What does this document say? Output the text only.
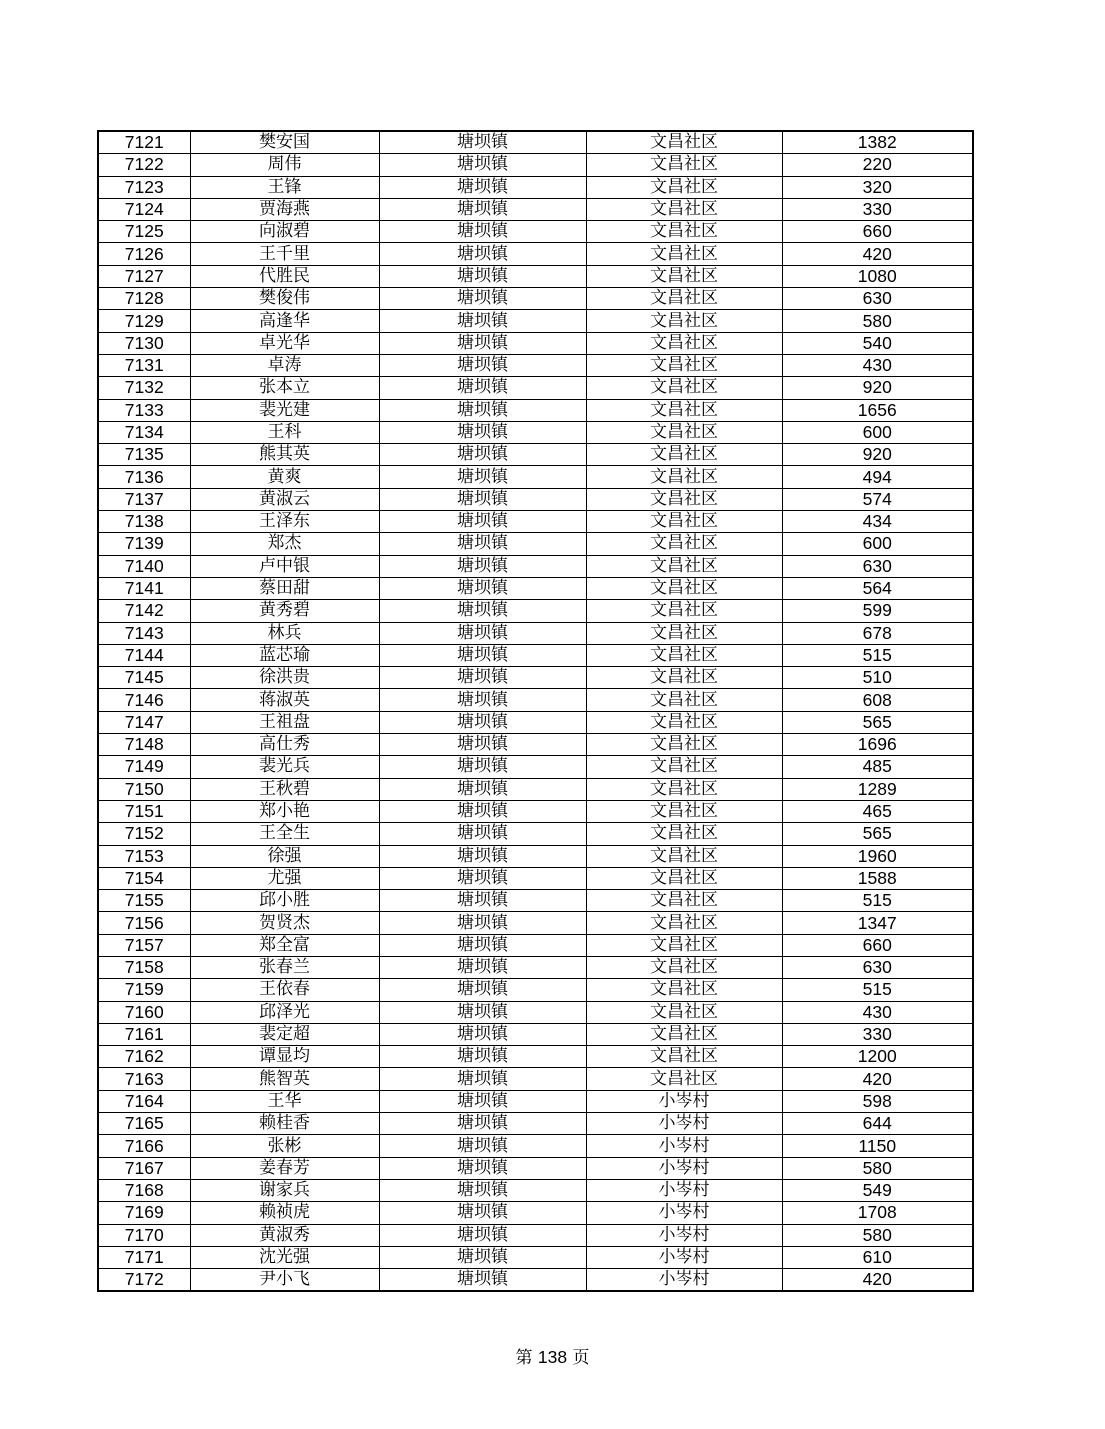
7121	樊安国	塘坝镇	文昌社区	1382
7122	周伟	塘坝镇	文昌社区	220
7123	王锋	塘坝镇	文昌社区	320
7124	贾海燕	塘坝镇	文昌社区	330
7125	向淑碧	塘坝镇	文昌社区	660
7126	王千里	塘坝镇	文昌社区	420
7127	代胜民	塘坝镇	文昌社区	1080
7128	樊俊伟	塘坝镇	文昌社区	630
7129	高逢华	塘坝镇	文昌社区	580
7130	卓光华	塘坝镇	文昌社区	540
7131	卓涛	塘坝镇	文昌社区	430
7132	张本立	塘坝镇	文昌社区	920
7133	裴光建	塘坝镇	文昌社区	1656
7134	王科	塘坝镇	文昌社区	600
7135	熊其英	塘坝镇	文昌社区	920
7136	黄爽	塘坝镇	文昌社区	494
7137	黄淑云	塘坝镇	文昌社区	574
7138	王泽东	塘坝镇	文昌社区	434
7139	郑杰	塘坝镇	文昌社区	600
7140	卢中银	塘坝镇	文昌社区	630
7141	蔡田甜	塘坝镇	文昌社区	564
7142	黄秀碧	塘坝镇	文昌社区	599
7143	林兵	塘坝镇	文昌社区	678
7144	蓝芯瑜	塘坝镇	文昌社区	515
7145	徐洪贵	塘坝镇	文昌社区	510
7146	蒋淑英	塘坝镇	文昌社区	608
7147	王祖盘	塘坝镇	文昌社区	565
7148	高仕秀	塘坝镇	文昌社区	1696
7149	裴光兵	塘坝镇	文昌社区	485
7150	王秋碧	塘坝镇	文昌社区	1289
7151	郑小艳	塘坝镇	文昌社区	465
7152	王全生	塘坝镇	文昌社区	565
7153	徐强	塘坝镇	文昌社区	1960
7154	尤强	塘坝镇	文昌社区	1588
7155	邱小胜	塘坝镇	文昌社区	515
7156	贺贤杰	塘坝镇	文昌社区	1347
7157	郑全富	塘坝镇	文昌社区	660
7158	张春兰	塘坝镇	文昌社区	630
7159	王依春	塘坝镇	文昌社区	515
7160	邱泽光	塘坝镇	文昌社区	430
7161	裴定超	塘坝镇	文昌社区	330
7162	谭显均	塘坝镇	文昌社区	1200
7163	熊智英	塘坝镇	文昌社区	420
7164	王华	塘坝镇	小岑村	598
7165	赖桂香	塘坝镇	小岑村	644
7166	张彬	塘坝镇	小岑村	1150
7167	姜春芳	塘坝镇	小岑村	580
7168	谢家兵	塘坝镇	小岑村	549
7169	赖祯虎	塘坝镇	小岑村	1708
7170	黄淑秀	塘坝镇	小岑村	580
7171	沈光强	塘坝镇	小岑村	610
7172	尹小飞	塘坝镇	小岑村	420
第 138 页
